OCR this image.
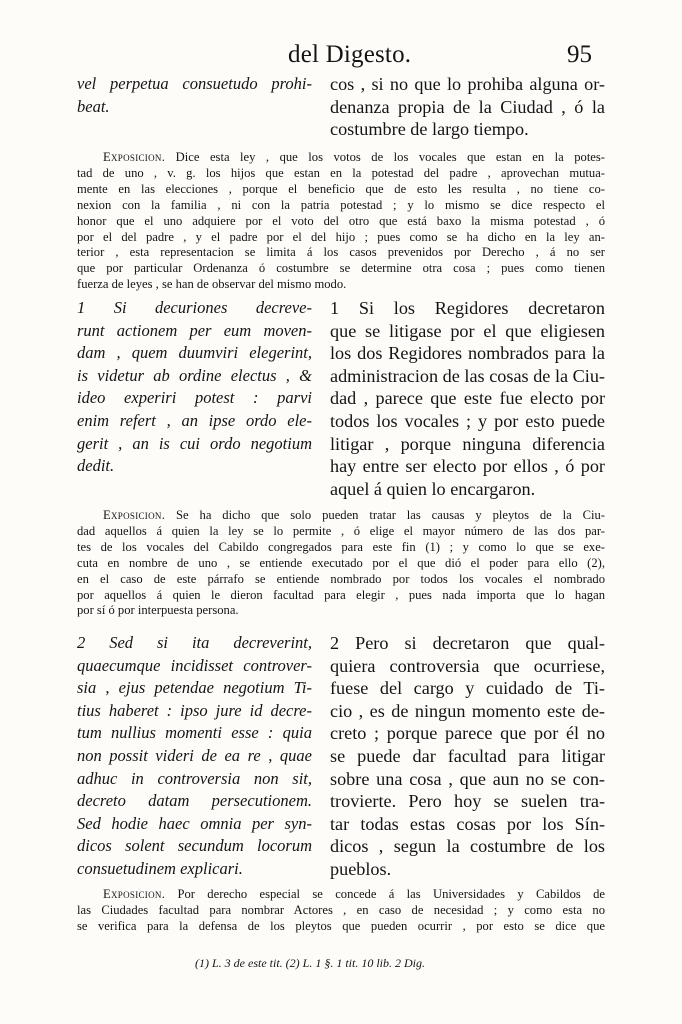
del Digesto.	95
vel perpetua consuetudo prohi-
beat.
cos , si no que lo prohiba alguna or-
denanza propia de la Ciudad , ó la
costumbre de largo tiempo.
Exposicion. Dice esta ley , que los votos de los vocales que estan en la potes-
tad de uno , v. g. los hijos que estan en la potestad del padre , aprovechan mutua-
mente en las elecciones , porque el beneficio que de esto les resulta , no tiene co-
nexion con la familia , ni con la patria potestad ; y lo mismo se dice respecto el
honor que el uno adquiere por el voto del otro que está baxo la misma potestad , ó
por el del padre , y el padre por el del hijo ; pues como se ha dicho en la ley an-
terior , esta representacion se limita á los casos prevenidos por Derecho , á no ser
que por particular Ordenanza ó costumbre se determine otra cosa ; pues como tienen
fuerza de leyes , se han de observar del mismo modo.
1 Si decuriones decreve-
runt actionem per eum moven-
dam , quem duumviri elegerint,
is videtur ab ordine electus , &
ideo experiri potest : parvi
enim refert , an ipse ordo ele-
gerit , an is cui ordo negotium
dedit.
1 Si los Regidores decretaron
que se litigase por el que eligiesen
los dos Regidores nombrados para la
administracion de las cosas de la Ciu-
dad , parece que este fue electo por
todos los vocales ; y por esto puede
litigar , porque ninguna diferencia
hay entre ser electo por ellos , ó por
aquel á quien lo encargaron.
Exposicion. Se ha dicho que solo pueden tratar las causas y pleytos de la Ciu-
dad aquellos á quien la ley se lo permite , ó elige el mayor número de las dos par-
tes de los vocales del Cabildo congregados para este fin (1) ; y como lo que se exe-
cuta en nombre de uno , se entiende executado por el que dió el poder para ello (2),
en el caso de este párrafo se entiende nombrado por todos los vocales el nombrado
por aquellos á quien le dieron facultad para elegir , pues nada importa que lo hagan
por sí ó por interpuesta persona.
2 Sed si ita decreverint,
quaecumque incidisset controver-
sia , ejus petendae negotium Ti-
tius haberet : ipso jure id decre-
tum nullius momenti esse : quia
non possit videri de ea re , quae
adhuc in controversia non sit,
decreto datam persecutionem.
Sed hodie haec omnia per syn-
dicos solent secundum locorum
consuetudinem explicari.
2 Pero si decretaron que qual-
quiera controversia que ocurriese,
fuese del cargo y cuidado de Ti-
cio , es de ningun momento este de-
creto ; porque parece que por él no
se puede dar facultad para litigar
sobre una cosa , que aun no se con-
trovierte. Pero hoy se suelen tra-
tar todas estas cosas por los Sín-
dicos , segun la costumbre de los
pueblos.
Exposicion. Por derecho especial se concede á las Universidades y Cabildos de
las Ciudades facultad para nombrar Actores , en caso de necesidad ; y como esta no
se verifica para la defensa de los pleytos que pueden ocurrir , por esto se dice que
(1) L. 3 de este tit. (2) L. 1 §. 1 tit. 10 lib. 2 Dig.
